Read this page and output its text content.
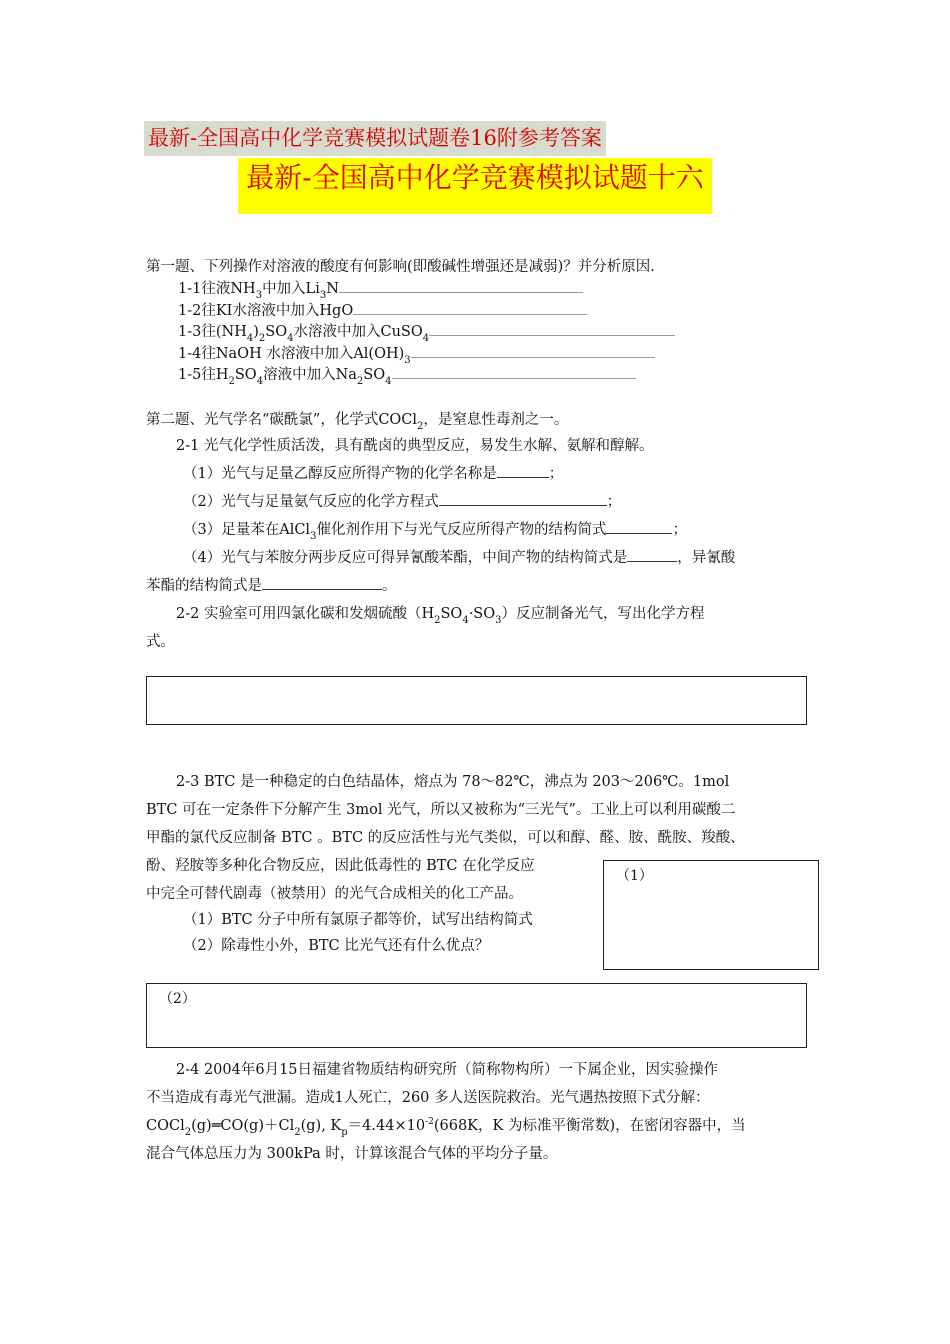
最新-全国高中化学竞赛模拟试题卷16附参考答案
最新-全国高中化学竞赛模拟试题十六
第一题、下列操作对溶液的酸度有何影响(即酸碱性增强还是减弱)？并分析原因.
1-1往液$NH_3$中加入$Li_3N$
1-2往KI水溶液中加入HgO
1-3往$(NH_4)_2SO_4$水溶液中加入CuSO$_4$
1-4往NaOH 水溶液中加入$Al(OH)_3$
1-5往$H_2SO_4$溶液中加入$Na_2SO_4$
第二题、光气学名“碳酰氯”，化学式COCl$_2$，是窒息性毒剂之一。
2-1 光气化学性质活泼，具有酰卤的典型反应，易发生水解、氨解和醇解。
（1）光气与足量乙醇反应所得产物的化学名称是	；
（2）光气与足量氨气反应的化学方程式	；
（3）足量苯在AlCl$_3$催化剂作用下与光气反应所得产物的结构简式	；
（4）光气与苯胺分两步反应可得异氰酸苯酯，中间产物的结构简式是	，异氰酸
苯酯的结构简式是	。
2-2 实验室可用四氯化碳和发烟硫酸$(H_2SO_4\cdot SO_3)$反应制备光气，写出化学方程
式。
2-3 BTC 是一种稳定的白色结晶体，熔点为 78～82℃，沸点为 203～206℃。1mol
BTC 可在一定条件下分解产生 3mol 光气，所以又被称为“三光气”。工业上可以利用碳酸二
甲酯的氯代反应制备 BTC 。BTC 的反应活性与光气类似，可以和醇、醛、胺、酰胺、羧酸、
酚、羟胺等多种化合物反应，因此低毒性的 BTC 在化学反应
中完全可替代剧毒（被禁用）的光气合成相关的化工产品。
（1）BTC 分子中所有氯原子都等价，试写出结构简式
（2）除毒性小外，BTC 比光气还有什么优点？
（1）
（2）
2-4 2004年6月15日福建省物质结构研究所（简称物构所）一下属企业，因实验操作
不当造成有毒光气泄漏。造成1人死亡，260 多人送医院救治。光气遇热按照下式分解：
$COCl_2(g)═CO(g)+Cl_2(g)$, $K_p=4.44\times 10^{-2}(668K$，K 为标准平衡常数)，在密闭容器中，当
混合气体总压力为 300kPa 时，计算该混合气体的平均分子量。
